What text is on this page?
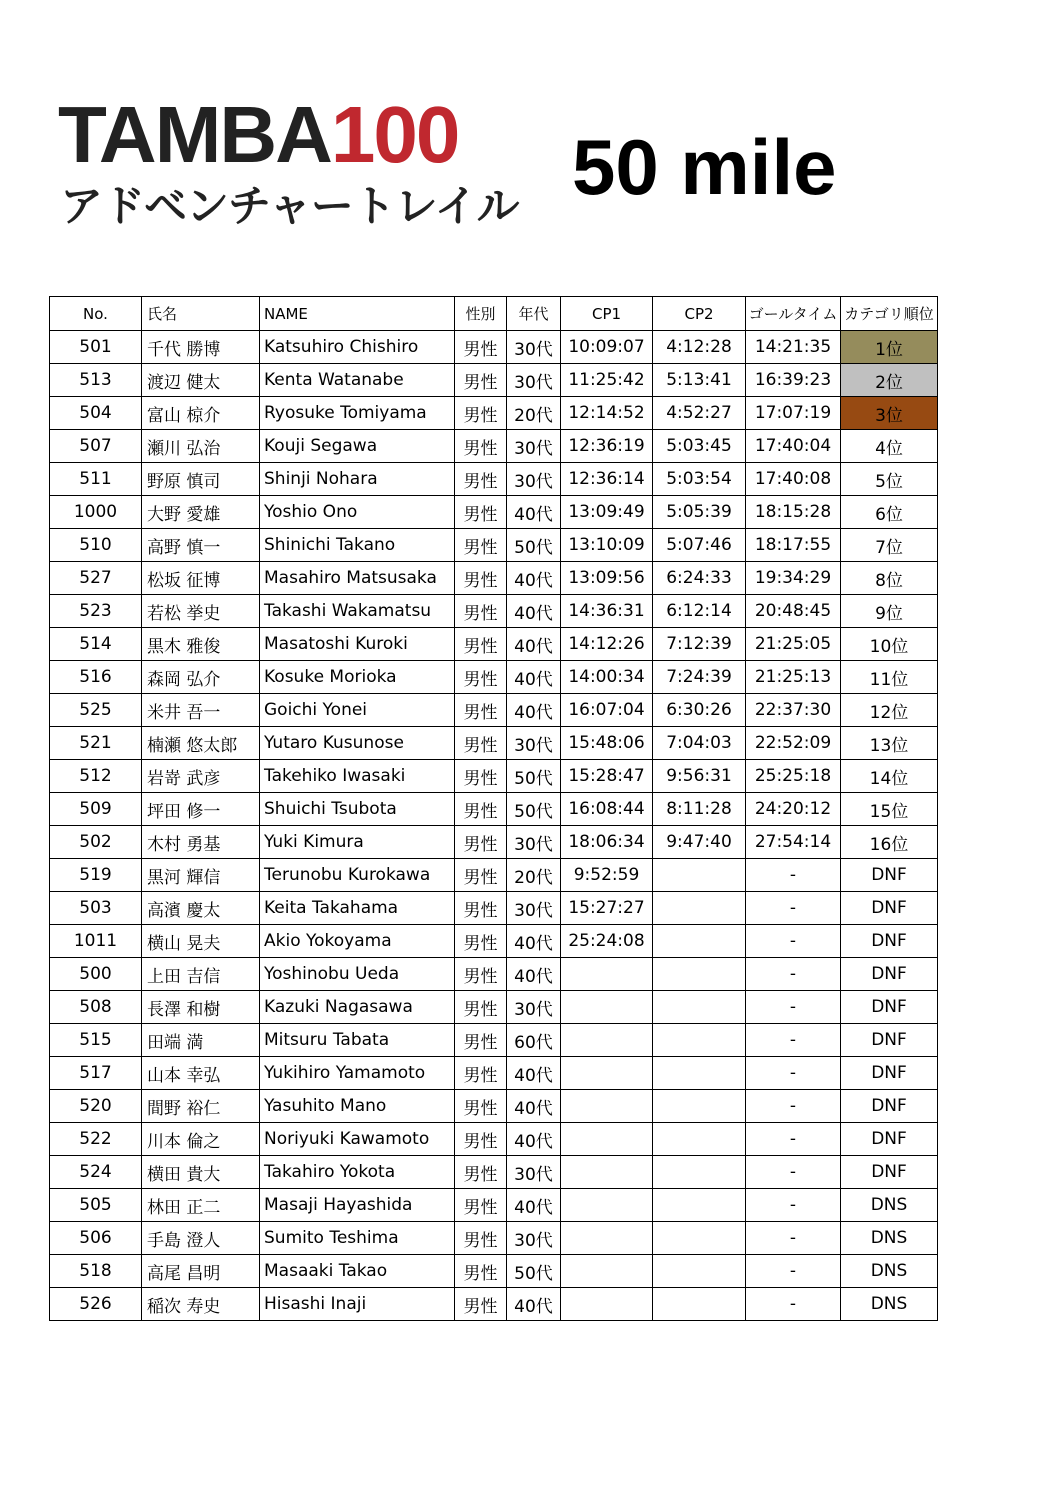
TAMBA100
アドベンチャートレイル 50 mile
No.	氏名	NAME	性別	年代	CP1	CP2	ゴールタイム	カテゴリ順位
501	千代 勝博	Katsuhiro Chishiro	男性	30代	10:09:07	4:12:28	14:21:35	1位
513	渡辺 健太	Kenta Watanabe	男性	30代	11:25:42	5:13:41	16:39:23	2位
504	富山 椋介	Ryosuke Tomiyama	男性	20代	12:14:52	4:52:27	17:07:19	3位
507	瀬川 弘治	Kouji Segawa	男性	30代	12:36:19	5:03:45	17:40:04	4位
511	野原 慎司	Shinji Nohara	男性	30代	12:36:14	5:03:54	17:40:08	5位
1000	大野 愛雄	Yoshio Ono	男性	40代	13:09:49	5:05:39	18:15:28	6位
510	高野 慎一	Shinichi Takano	男性	50代	13:10:09	5:07:46	18:17:55	7位
527	松坂 征博	Masahiro Matsusaka	男性	40代	13:09:56	6:24:33	19:34:29	8位
523	若松 挙史	Takashi Wakamatsu	男性	40代	14:36:31	6:12:14	20:48:45	9位
514	黒木 雅俊	Masatoshi Kuroki	男性	40代	14:12:26	7:12:39	21:25:05	10位
516	森岡 弘介	Kosuke Morioka	男性	40代	14:00:34	7:24:39	21:25:13	11位
525	米井 吾一	Goichi Yonei	男性	40代	16:07:04	6:30:26	22:37:30	12位
521	楠瀬 悠太郎	Yutaro Kusunose	男性	30代	15:48:06	7:04:03	22:52:09	13位
512	岩嵜 武彦	Takehiko Iwasaki	男性	50代	15:28:47	9:56:31	25:25:18	14位
509	坪田 修一	Shuichi Tsubota	男性	50代	16:08:44	8:11:28	24:20:12	15位
502	木村 勇基	Yuki Kimura	男性	30代	18:06:34	9:47:40	27:54:14	16位
519	黒河 輝信	Terunobu Kurokawa	男性	20代	9:52:59		-	DNF
503	高濱 慶太	Keita Takahama	男性	30代	15:27:27		-	DNF
1011	横山 晃夫	Akio Yokoyama	男性	40代	25:24:08		-	DNF
500	上田 吉信	Yoshinobu Ueda	男性	40代			-	DNF
508	長澤 和樹	Kazuki Nagasawa	男性	30代			-	DNF
515	田端 満	Mitsuru Tabata	男性	60代			-	DNF
517	山本 幸弘	Yukihiro Yamamoto	男性	40代			-	DNF
520	間野 裕仁	Yasuhito Mano	男性	40代			-	DNF
522	川本 倫之	Noriyuki Kawamoto	男性	40代			-	DNF
524	横田 貴大	Takahiro Yokota	男性	30代			-	DNF
505	林田 正二	Masaji Hayashida	男性	40代			-	DNS
506	手島 澄人	Sumito Teshima	男性	30代			-	DNS
518	高尾 昌明	Masaaki Takao	男性	50代			-	DNS
526	稲次 寿史	Hisashi Inaji	男性	40代			-	DNS
